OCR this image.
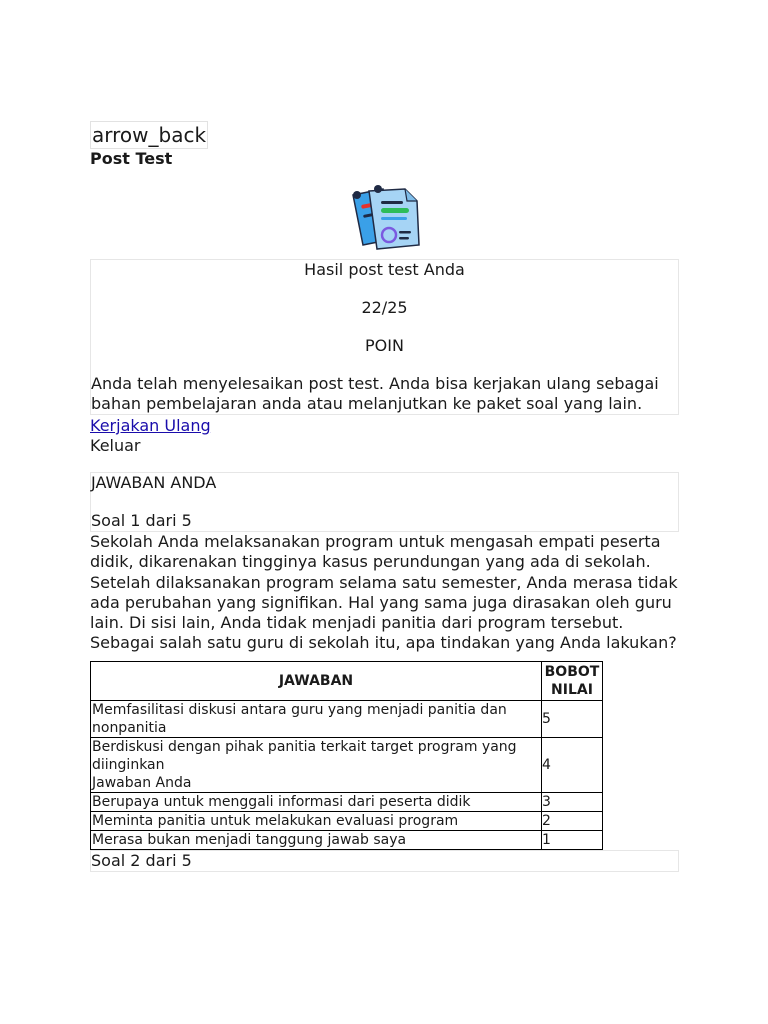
arrow_back
Post Test

Hasil post test Anda

22/25

POIN

Anda telah menyelesaikan post test. Anda bisa kerjakan ulang sebagai bahan pembelajaran anda atau melanjutkan ke paket soal yang lain.

Kerjakan Ulang
Keluar

JAWABAN ANDA

Soal 1 dari 5

Sekolah Anda melaksanakan program untuk mengasah empati peserta didik, dikarenakan tingginya kasus perundungan yang ada di sekolah. Setelah dilaksanakan program selama satu semester, Anda merasa tidak ada perubahan yang signifikan. Hal yang sama juga dirasakan oleh guru lain. Di sisi lain, Anda tidak menjadi panitia dari program tersebut. Sebagai salah satu guru di sekolah itu, apa tindakan yang Anda lakukan?

JAWABAN	BOBOT NILAI
Memfasilitasi diskusi antara guru yang menjadi panitia dan nonpanitia	5

Berdiskusi dengan pihak panitia terkait target program yang diinginkan
Jawaban Anda	4
Berupaya untuk menggali informasi dari peserta didik	3
Meminta panitia untuk melakukan evaluasi program	2
Merasa bukan menjadi tanggung jawab saya	1
Soal 2 dari 5
